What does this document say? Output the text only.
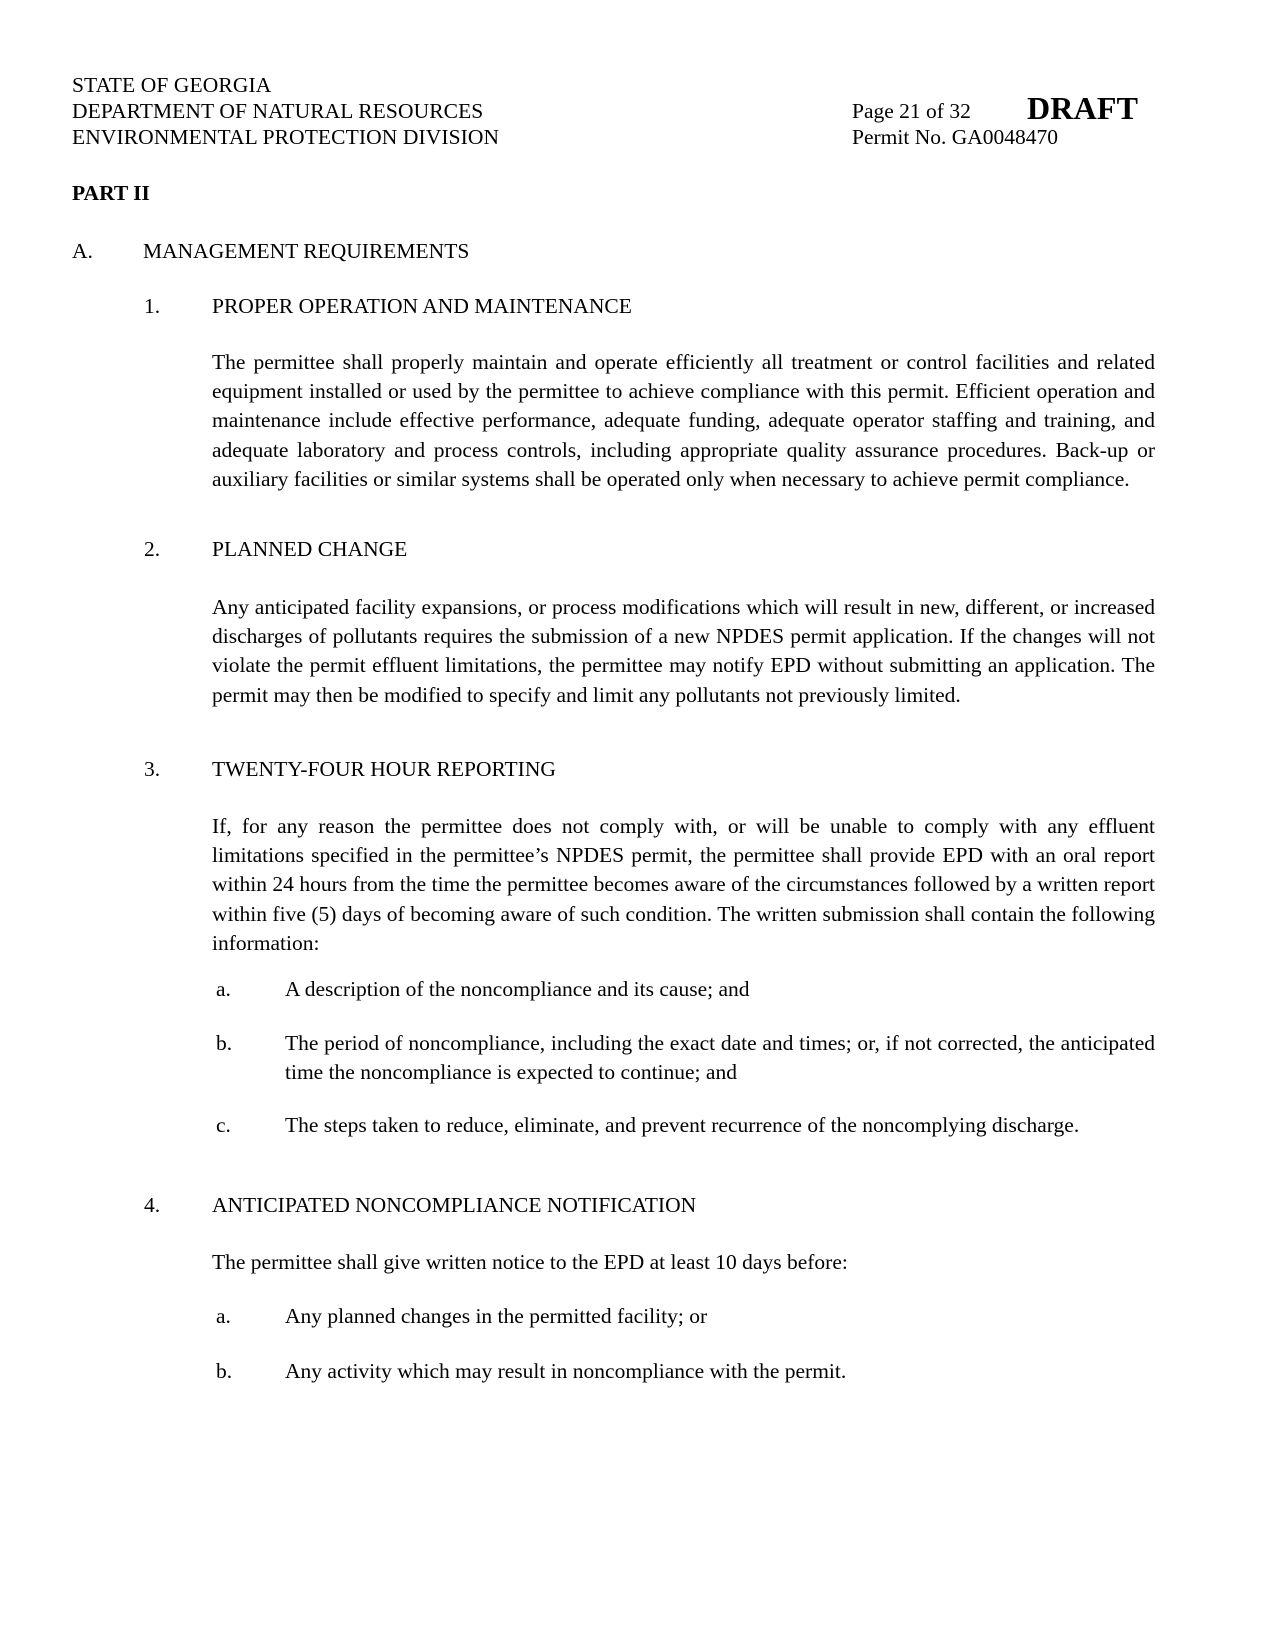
STATE OF GEORGIA
DEPARTMENT OF NATURAL RESOURCES
ENVIRONMENTAL PROTECTION DIVISION
Page 21 of 32
Permit No. GA0048470
DRAFT
PART II
A. MANAGEMENT REQUIREMENTS
1. PROPER OPERATION AND MAINTENANCE
The permittee shall properly maintain and operate efficiently all treatment or control facilities and related equipment installed or used by the permittee to achieve compliance with this permit. Efficient operation and maintenance include effective performance, adequate funding, adequate operator staffing and training, and adequate laboratory and process controls, including appropriate quality assurance procedures. Back-up or auxiliary facilities or similar systems shall be operated only when necessary to achieve permit compliance.
2. PLANNED CHANGE
Any anticipated facility expansions, or process modifications which will result in new, different, or increased discharges of pollutants requires the submission of a new NPDES permit application. If the changes will not violate the permit effluent limitations, the permittee may notify EPD without submitting an application. The permit may then be modified to specify and limit any pollutants not previously limited.
3. TWENTY-FOUR HOUR REPORTING
If, for any reason the permittee does not comply with, or will be unable to comply with any effluent limitations specified in the permittee’s NPDES permit, the permittee shall provide EPD with an oral report within 24 hours from the time the permittee becomes aware of the circumstances followed by a written report within five (5) days of becoming aware of such condition. The written submission shall contain the following information:
a.	A description of the noncompliance and its cause; and
b.	The period of noncompliance, including the exact date and times; or, if not corrected, the anticipated time the noncompliance is expected to continue; and
c.	The steps taken to reduce, eliminate, and prevent recurrence of the noncomplying discharge.
4. ANTICIPATED NONCOMPLIANCE NOTIFICATION
The permittee shall give written notice to the EPD at least 10 days before:
a.	Any planned changes in the permitted facility; or
b.	Any activity which may result in noncompliance with the permit.
